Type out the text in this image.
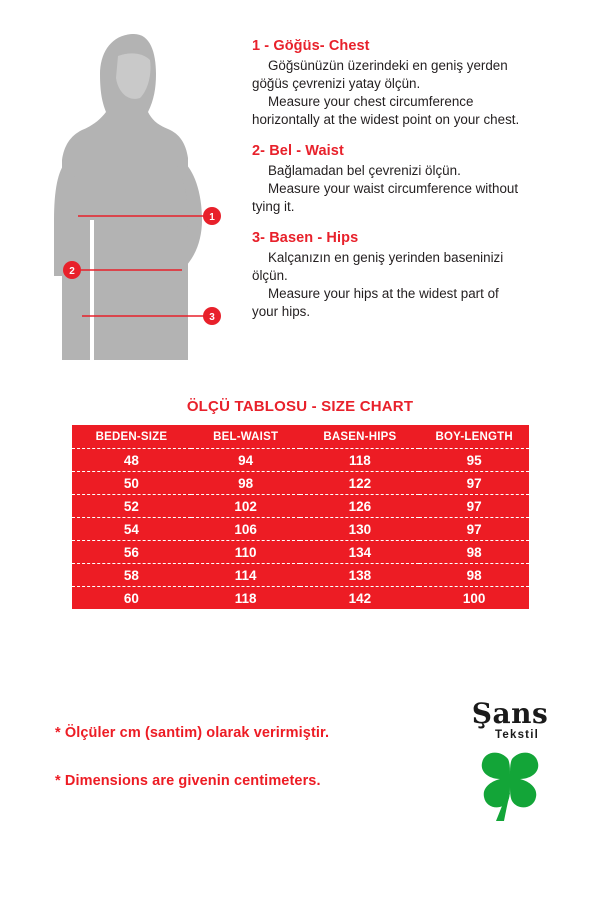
1
2
3

1 - Göğüs- Chest

Göğsünüzün üzerindeki en geniş yerden

göğüs çevrenizi yatay ölçün.

Measure your chest circumference

horizontally at the widest point on your chest.

2- Bel - Waist

Bağlamadan bel çevrenizi ölçün.

Measure your waist circumference without

tying it.

3- Basen - Hips

Kalçanızın en geniş yerinden baseninizi

ölçün.

Measure your hips at the widest part of

your hips.

ÖLÇÜ TABLOSU - SIZE CHART
BEDEN-SIZE	BEL-WAIST	BASEN-HIPS	BOY-LENGTH
48	94	118	95
50	98	122	97
52	102	126	97
54	106	130	97
56	110	134	98
58	114	138	98
60	118	142	100
* Ölçüler cm (santim) olarak verirmiştir.
* Dimensions are givenin centimeters.
Şans
Tekstil
